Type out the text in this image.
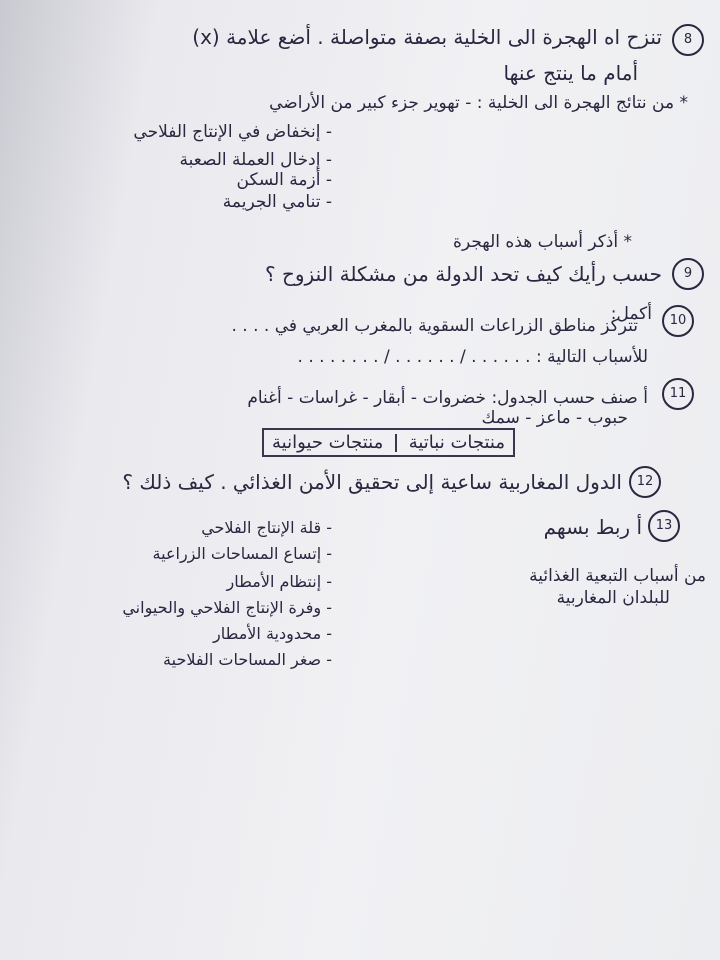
8
تنزح اه الهجرة الى الخلية بصفة متواصلة . أضع علامة (x)
أمام ما ينتج عنها
* من نتائج الهجرة الى الخلية : - تهوير جزء كبير من الأراضي
- إنخفاض في الإنتاج الفلاحي
- إدخال العملة الصعبة
- أزمة السكن
- تنامي الجريمة
* أذكر أسباب هذه الهجرة
9
حسب رأيك كيف تحد الدولة من مشكلة النزوح ؟
10
أكمل:
تتركز مناطق الزراعات السقوية بالمغرب العربي في . . . .
للأسباب التالية : . . . . . . / . . . . . . / . . . . . . . .
11
أ صنف حسب الجدول: خضروات - أبقار - غراسات - أغنام
حبوب - ماعز - سمك
منتجات نباتية  منتجات حيوانية
12
الدول المغاربية ساعية إلى تحقيق الأمن الغذائي . كيف ذلك ؟
13
أ ربط بسهم
من أسباب التبعية الغذائية
للبلدان المغاربية
- قلة الإنتاج الفلاحي
- إتساع المساحات الزراعية
- إنتظام الأمطار
- وفرة الإنتاج الفلاحي والحيواني
- محدودية الأمطار
- صغر المساحات الفلاحية
